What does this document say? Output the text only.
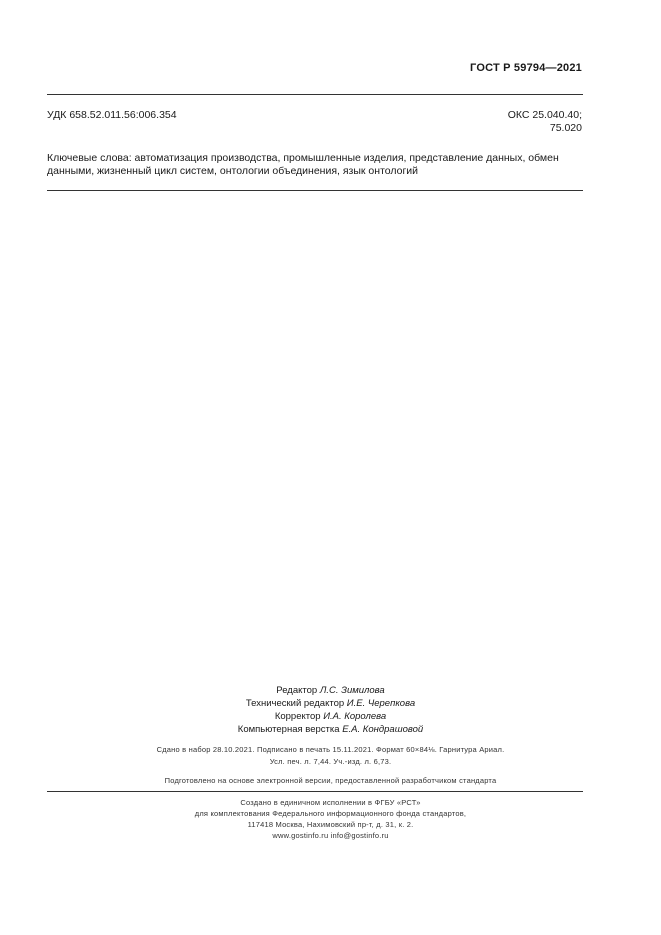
ГОСТ Р 59794—2021
УДК 658.52.011.56:006.354	ОКС 25.040.40;
75.020
Ключевые слова: автоматизация производства, промышленные изделия, представление данных, обмен данными, жизненный цикл систем, онтологии объединения, язык онтологий
Редактор Л.С. Зимилова
Технический редактор И.Е. Черепкова
Корректор И.А. Королева
Компьютерная верстка Е.А. Кондрашовой
Сдано в набор 28.10.2021. Подписано в печать 15.11.2021. Формат 60×84⅛. Гарнитура Ариал.
Усл. печ. л. 7,44. Уч.-изд. л. 6,73.
Подготовлено на основе электронной версии, предоставленной разработчиком стандарта
Создано в единичном исполнении в ФГБУ «РСТ»
для комплектования Федерального информационного фонда стандартов,
117418 Москва, Нахимовский пр-т, д. 31, к. 2.
www.gostinfo.ru info@gostinfo.ru
